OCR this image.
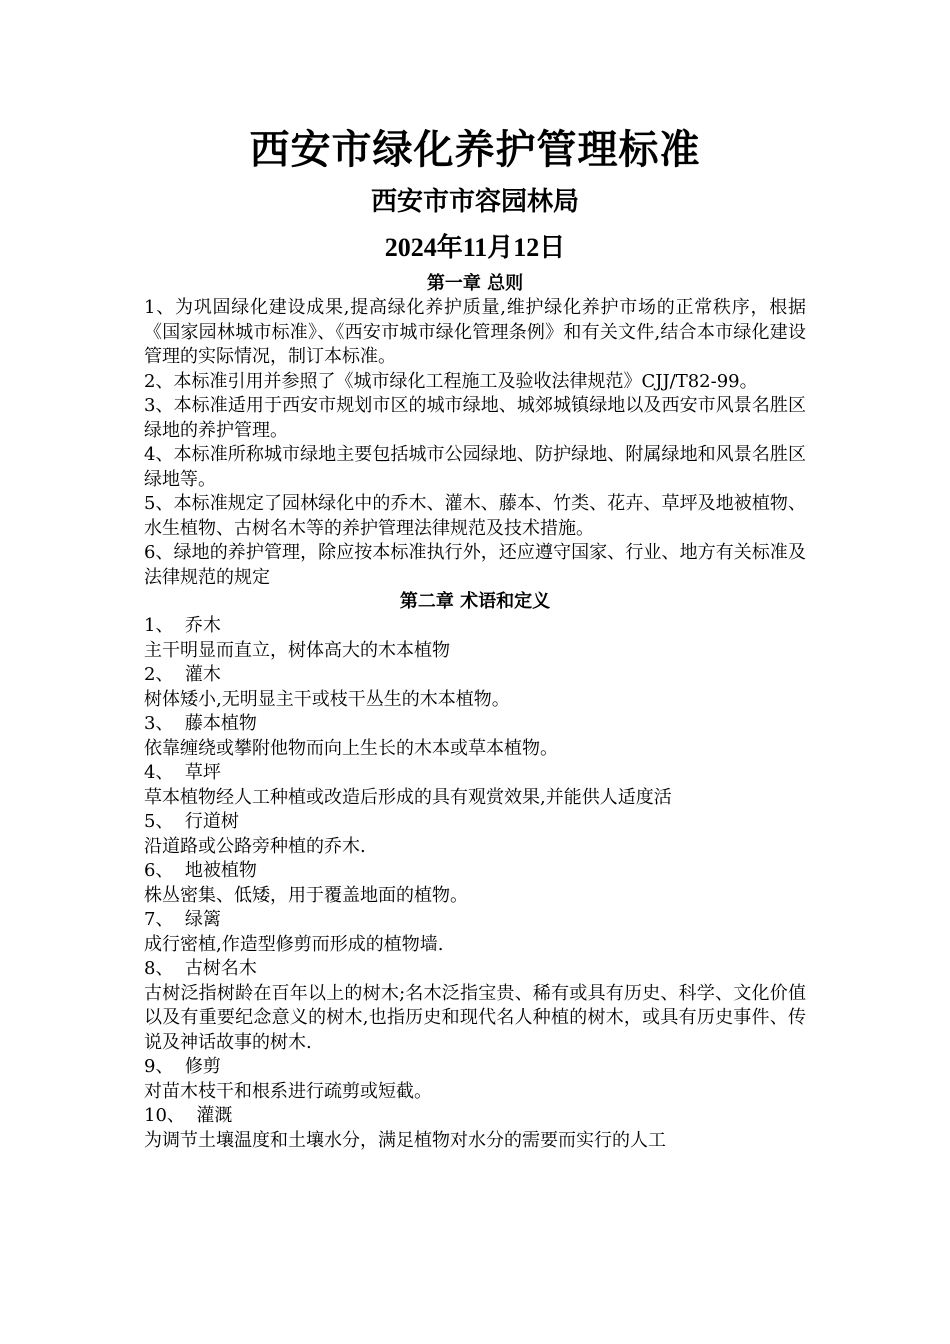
西安市绿化养护管理标准
西安市市容园林局
2024年11月12日
第一章 总则

1、为巩固绿化建设成果,提高绿化养护质量,维护绿化养护市场的正常秩序，根据《国家园林城市标准》、《西安市城市绿化管理条例》和有关文件,结合本市绿化建设管理的实际情况，制订本标准。

2、本标准引用并参照了《城市绿化工程施工及验收法律规范》CJJ/T82-99。

3、本标准适用于西安市规划市区的城市绿地、城郊城镇绿地以及西安市风景名胜区绿地的养护管理。

4、本标准所称城市绿地主要包括城市公园绿地、防护绿地、附属绿地和风景名胜区绿地等。

5、本标准规定了园林绿化中的乔木、灌木、藤本、竹类、花卉、草坪及地被植物、水生植物、古树名木等的养护管理法律规范及技术措施。

6、绿地的养护管理，除应按本标准执行外，还应遵守国家、行业、地方有关标准及法律规范的规定

第二章 术语和定义
1、  乔木
主干明显而直立，树体高大的木本植物
2、  灌木
树体矮小,无明显主干或枝干丛生的木本植物。
3、  藤本植物
依靠缠绕或攀附他物而向上生长的木本或草本植物。
4、  草坪
草本植物经人工种植或改造后形成的具有观赏效果,并能供人适度活
5、  行道树
沿道路或公路旁种植的乔木.
6、  地被植物
株丛密集、低矮，用于覆盖地面的植物。
7、  绿篱
成行密植,作造型修剪而形成的植物墙.
8、  古树名木
古树泛指树龄在百年以上的树木;名木泛指宝贵、稀有或具有历史、科学、文化价值以及有重要纪念意义的树木,也指历史和现代名人种植的树木，或具有历史事件、传说及神话故事的树木.
9、  修剪
对苗木枝干和根系进行疏剪或短截。
10、  灌溉
为调节土壤温度和土壤水分，满足植物对水分的需要而实行的人工
